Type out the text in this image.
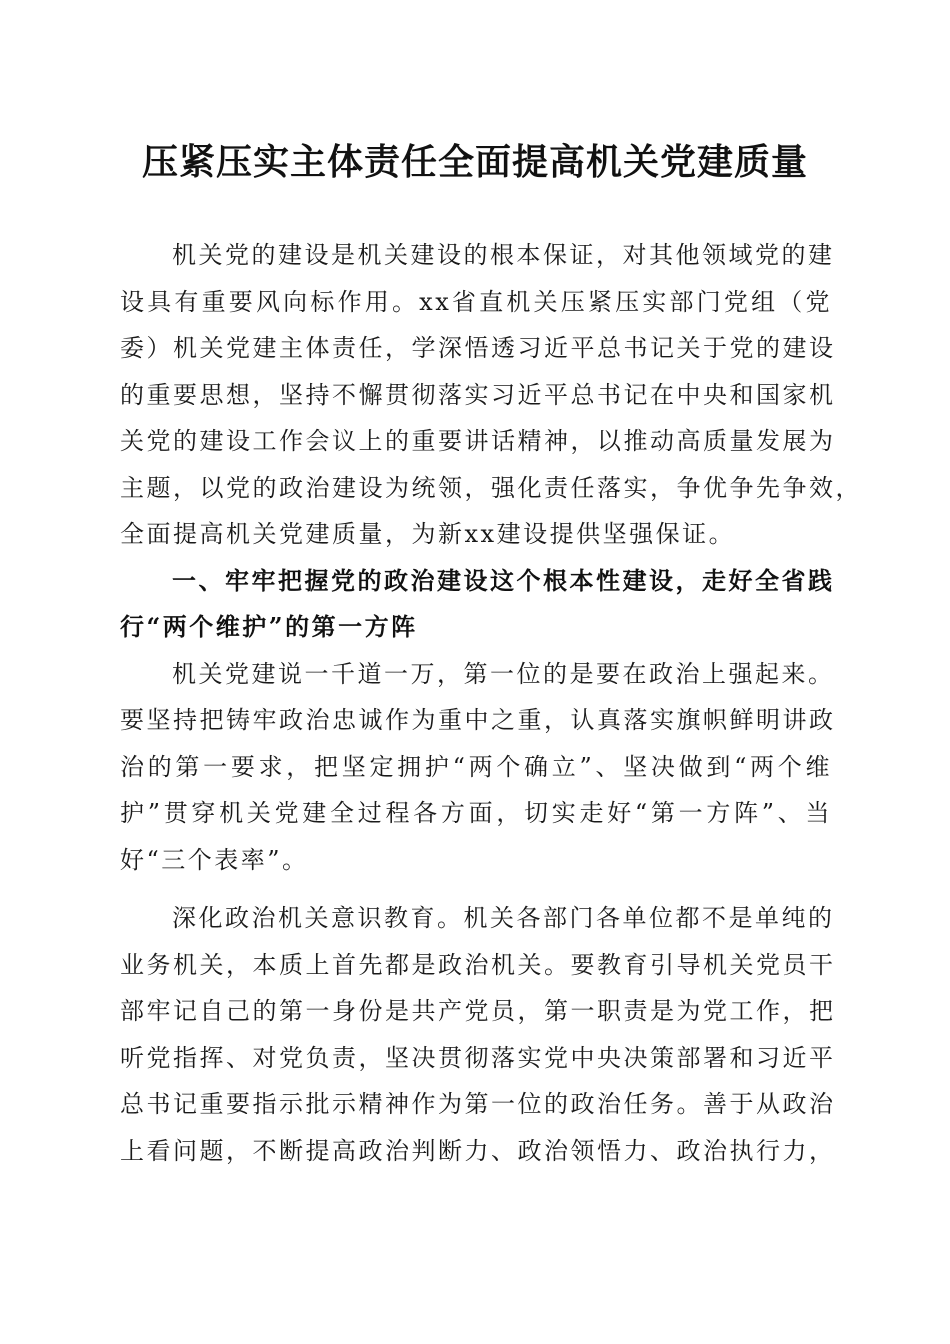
压紧压实主体责任全面提高机关党建质量

机关党的建设是机关建设的根本保证，对其他领域党的建
设具有重要风向标作用。xx省直机关压紧压实部门党组（党
委）机关党建主体责任，学深悟透习近平总书记关于党的建设
的重要思想，坚持不懈贯彻落实习近平总书记在中央和国家机
关党的建设工作会议上的重要讲话精神，以推动高质量发展为
主题，以党的政治建设为统领，强化责任落实，争优争先争效，
全面提高机关党建质量，为新xx建设提供坚强保证。

一、牢牢把握党的政治建设这个根本性建设，走好全省践
行“两个维护”的第一方阵

机关党建说一千道一万，第一位的是要在政治上强起来。
要坚持把铸牢政治忠诚作为重中之重，认真落实旗帜鲜明讲政
治的第一要求，把坚定拥护“两个确立”、坚决做到“两个维
护”贯穿机关党建全过程各方面，切实走好“第一方阵”、当
好“三个表率”。

深化政治机关意识教育。机关各部门各单位都不是单纯的
业务机关，本质上首先都是政治机关。要教育引导机关党员干
部牢记自己的第一身份是共产党员，第一职责是为党工作，把
听党指挥、对党负责，坚决贯彻落实党中央决策部署和习近平
总书记重要指示批示精神作为第一位的政治任务。善于从政治
上看问题，不断提高政治判断力、政治领悟力、政治执行力，
